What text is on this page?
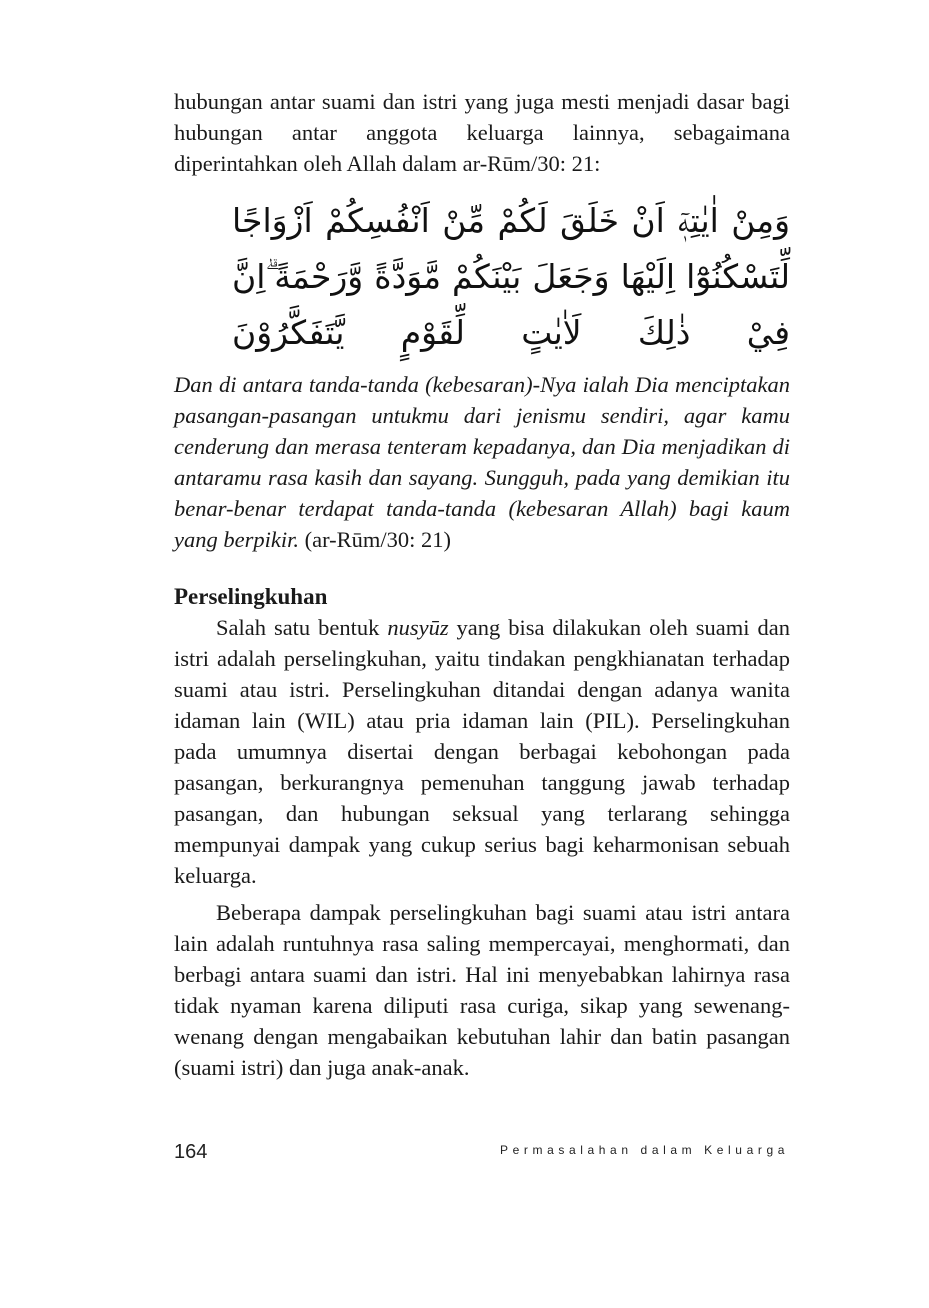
hubungan antar suami dan istri yang juga mesti menjadi dasar bagi hubungan antar anggota keluarga lainnya, sebagaimana diperintahkan oleh Allah dalam ar-Rūm/30: 21:

وَمِنْ اٰيٰتِهٖٓ اَنْ خَلَقَ لَكُمْ مِّنْ اَنْفُسِكُمْ اَزْوَاجًا لِّتَسْكُنُوْٓا اِلَيْهَا وَجَعَلَ بَيْنَكُمْ مَّوَدَّةً وَّرَحْمَةً ۗاِنَّ فِيْ ذٰلِكَ لَاٰيٰتٍ لِّقَوْمٍ يَّتَفَكَّرُوْنَ

Dan di antara tanda-tanda (kebesaran)-Nya ialah Dia menciptakan pasangan-pasangan untukmu dari jenismu sendiri, agar kamu cenderung dan merasa tenteram kepadanya, dan Dia menjadikan di antaramu rasa kasih dan sayang. Sungguh, pada yang demikian itu benar-benar terdapat tanda-tanda (kebesaran Allah) bagi kaum yang berpikir. (ar-Rūm/30: 21)

Perselingkuhan

Salah satu bentuk nusyūz yang bisa dilakukan oleh suami dan istri adalah perselingkuhan, yaitu tindakan pengkhianatan terhadap suami atau istri. Perselingkuhan ditandai dengan adanya wanita idaman lain (WIL) atau pria idaman lain (PIL). Perselingkuhan pada umumnya disertai dengan berbagai kebohongan pada pasangan, berkurangnya pemenuhan tanggung jawab terhadap pasangan, dan hubungan seksual yang terlarang sehingga mempunyai dampak yang cukup serius bagi keharmonisan sebuah keluarga.

Beberapa dampak perselingkuhan bagi suami atau istri antara lain adalah runtuhnya rasa saling mempercayai, menghormati, dan berbagi antara suami dan istri. Hal ini menyebabkan lahirnya rasa tidak nyaman karena diliputi rasa curiga, sikap yang sewenang-wenang dengan mengabaikan kebutuhan lahir dan batin pasangan (suami istri) dan juga anak-anak.

164	Permasalahan dalam Keluarga
